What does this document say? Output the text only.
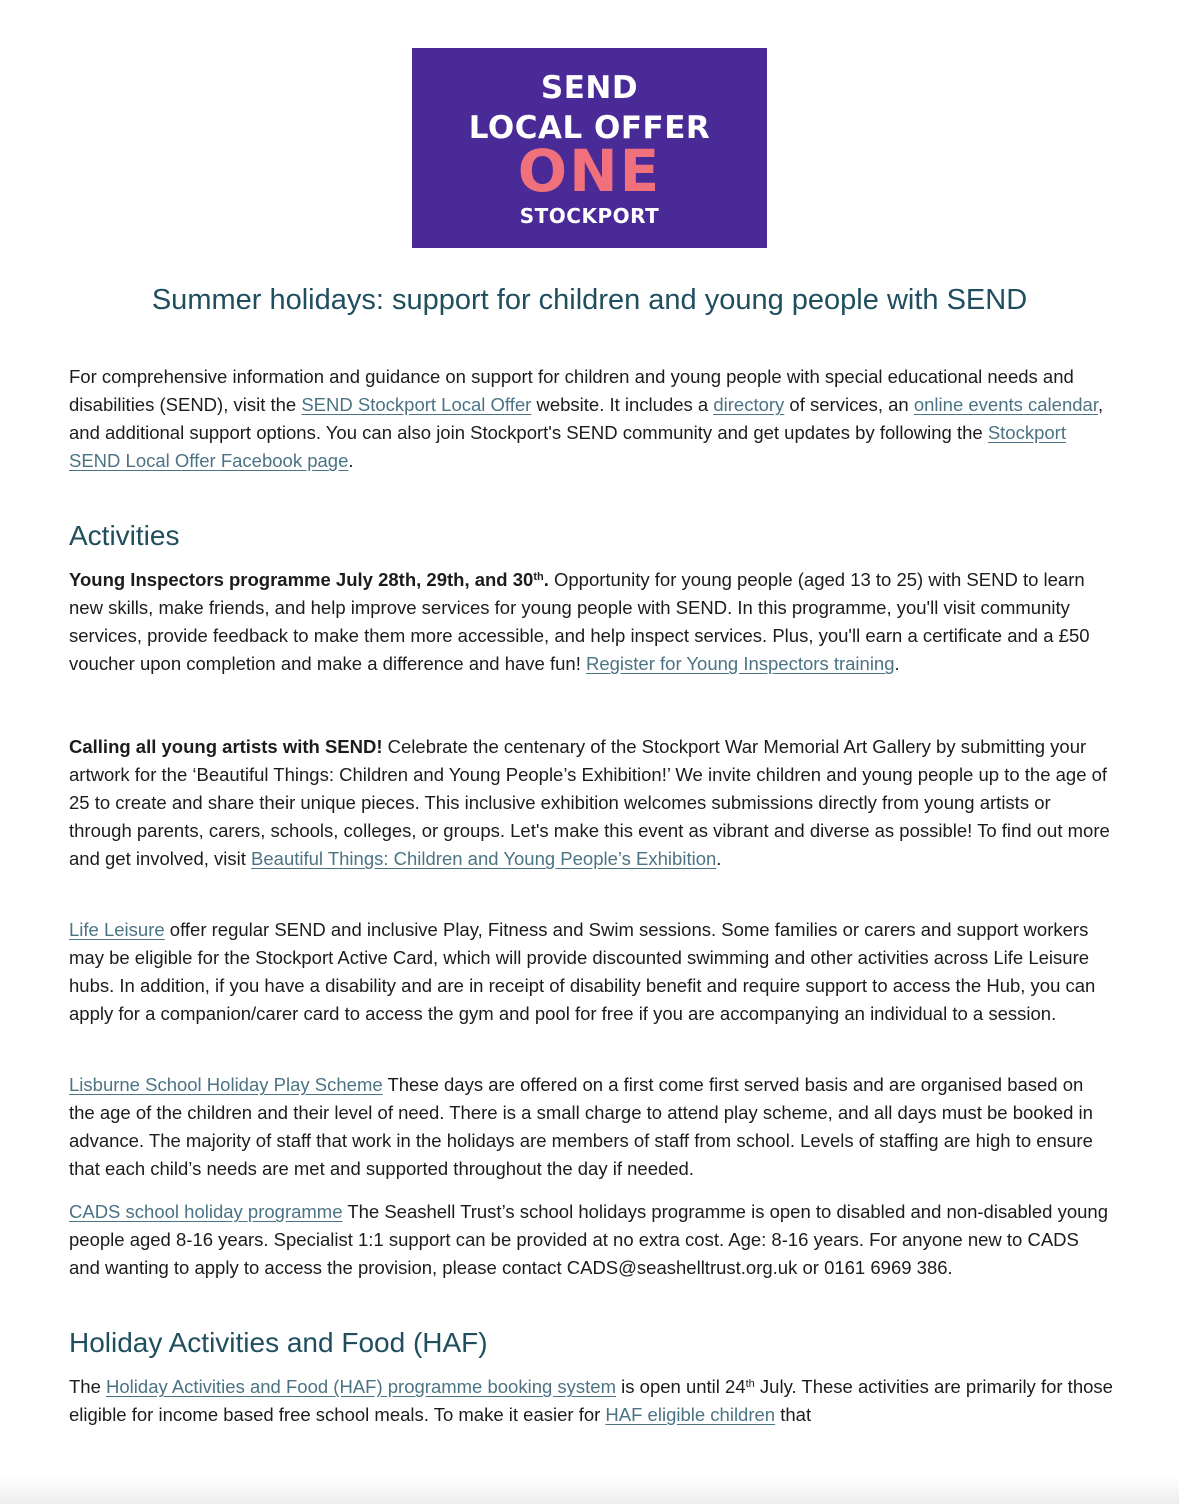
SEND
LOCAL OFFER
ONE
STOCKPORT
Summer holidays: support for children and young people with SEND

For comprehensive information and guidance on support for children and young people with special educational needs and disabilities (SEND), visit the SEND Stockport Local Offer website. It includes a directory of services, an online events calendar, and additional support options. You can also join Stockport's SEND community and get updates by following the Stockport SEND Local Offer Facebook page.

Activities

Young Inspectors programme July 28th, 29th, and 30th. Opportunity for young people (aged 13 to 25) with SEND to learn new skills, make friends, and help improve services for young people with SEND. In this programme, you'll visit community services, provide feedback to make them more accessible, and help inspect services. Plus, you'll earn a certificate and a £50 voucher upon completion and make a difference and have fun! Register for Young Inspectors training.

Calling all young artists with SEND! Celebrate the centenary of the Stockport War Memorial Art Gallery by submitting your artwork for the ‘Beautiful Things: Children and Young People’s Exhibition!’ We invite children and young people up to the age of 25 to create and share their unique pieces. This inclusive exhibition welcomes submissions directly from young artists or through parents, carers, schools, colleges, or groups. Let's make this event as vibrant and diverse as possible! To find out more and get involved, visit Beautiful Things: Children and Young People’s Exhibition.

Life Leisure offer regular SEND and inclusive Play, Fitness and Swim sessions. Some families or carers and support workers may be eligible for the Stockport Active Card, which will provide discounted swimming and other activities across Life Leisure hubs. In addition, if you have a disability and are in receipt of disability benefit and require support to access the Hub, you can apply for a companion/carer card to access the gym and pool for free if you are accompanying an individual to a session.

Lisburne School Holiday Play Scheme These days are offered on a first come first served basis and are organised based on the age of the children and their level of need. There is a small charge to attend play scheme, and all days must be booked in advance. The majority of staff that work in the holidays are members of staff from school. Levels of staffing are high to ensure that each child’s needs are met and supported throughout the day if needed.

CADS school holiday programme The Seashell Trust’s school holidays programme is open to disabled and non-disabled young people aged 8-16 years. Specialist 1:1 support can be provided at no extra cost. Age: 8-16 years. For anyone new to CADS and wanting to apply to access the provision, please contact CADS@seashelltrust.org.uk or 0161 6969 386.

Holiday Activities and Food (HAF)

The Holiday Activities and Food (HAF) programme booking system is open until 24th July. These activities are primarily for those eligible for income based free school meals. To make it easier for HAF eligible children that
